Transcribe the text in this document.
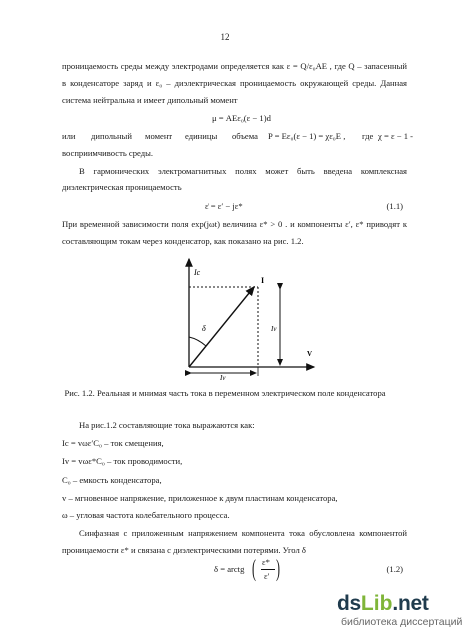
12
проницаемость среды между электродами определяется как ε = Q/ε₀AE , где Q – запасенный
в конденсаторе заряд и ε₀ – диэлектрическая проницаемость окружающей среды. Данная
система нейтральна и имеет дипольный момент
μ = AEε₀(ε − 1)d
или дипольный момент единицы объема P = Eε₀(ε − 1) = χε₀E , где χ = ε − 1 -
восприимчивость среды.
В гармонических электромагнитных полях может быть введена комплексная
диэлектрическая проницаемость
ε̇ = ε′ − jε*	(1.1)
При временной зависимости поля exp(jωt) величина ε* > 0 . и компоненты ε′, ε* приводят к
составляющим токам через конденсатор, как показано на рис. 1.2.
Ic
I
δ	Iv
Iv
V
Рис. 1.2. Реальная и мнимая часть тока в переменном электрическом поле конденсатора
На рис.1.2 составляющие тока выражаются как:
Ic = vωε′C₀ – ток смещения,
Iv = vωε*C₀ – ток проводимости,
C₀ – емкость конденсатора,
v – мгновенное напряжение, приложенное к двум пластинам конденсатора,
ω – угловая частота колебательного процесса.
Синфазная с приложенным напряжением компонента тока обусловлена компонентой
проницаемости ε* и связана с диэлектрическими потерями. Угол δ
δ = arctg ( ε*
ε′ )	(1.2)
dsLib.net
библиотека диссертаций
